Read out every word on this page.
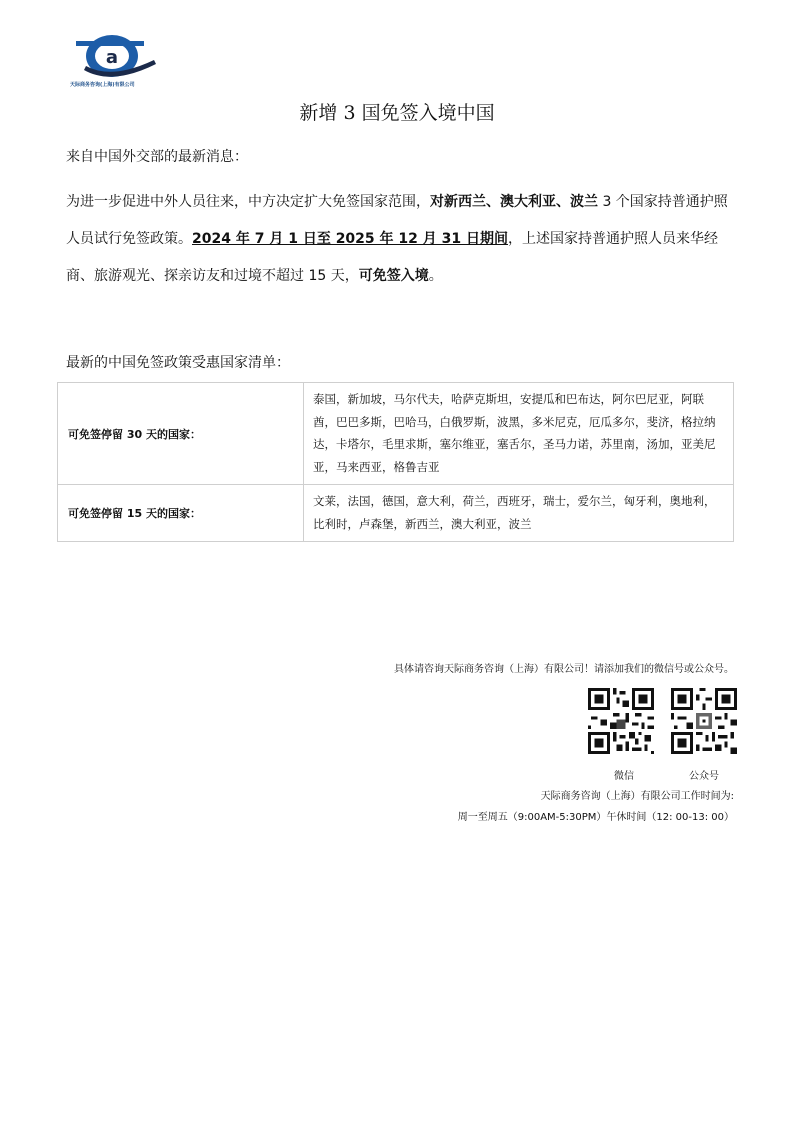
a
天际商务咨询(上海)有限公司
新增 3 国免签入境中国
来自中国外交部的最新消息：
为进一步促进中外人员往来，中方决定扩大免签国家范围，对新西兰、澳大利亚、波兰 3 个国家持普通护照人员试行免签政策。2024 年 7 月 1 日至 2025 年 12 月 31 日期间，上述国家持普通护照人员来华经商、旅游观光、探亲访友和过境不超过 15 天，可免签入境。
最新的中国免签政策受惠国家清单：
可免签停留 30 天的国家：	泰国，新加坡，马尔代夫，哈萨克斯坦，安提瓜和巴布达，阿尔巴尼亚，阿联酋，巴巴多斯，巴哈马，白俄罗斯，波黑，多米尼克，厄瓜多尔，斐济，格拉纳达，卡塔尔，毛里求斯，塞尔维亚，塞舌尔，圣马力诺，苏里南，汤加，亚美尼亚，马来西亚，格鲁吉亚
可免签停留 15 天的国家：	文莱，法国，德国，意大利，荷兰，西班牙，瑞士，爱尔兰，匈牙利，奥地利，比利时，卢森堡，新西兰，澳大利亚，波兰
具体请咨询天际商务咨询（上海）有限公司！请添加我们的微信号或公众号。
微信	公众号
天际商务咨询（上海）有限公司工作时间为:
周一至周五（9:00AM-5:30PM）午休时间（12: 00-13: 00）
